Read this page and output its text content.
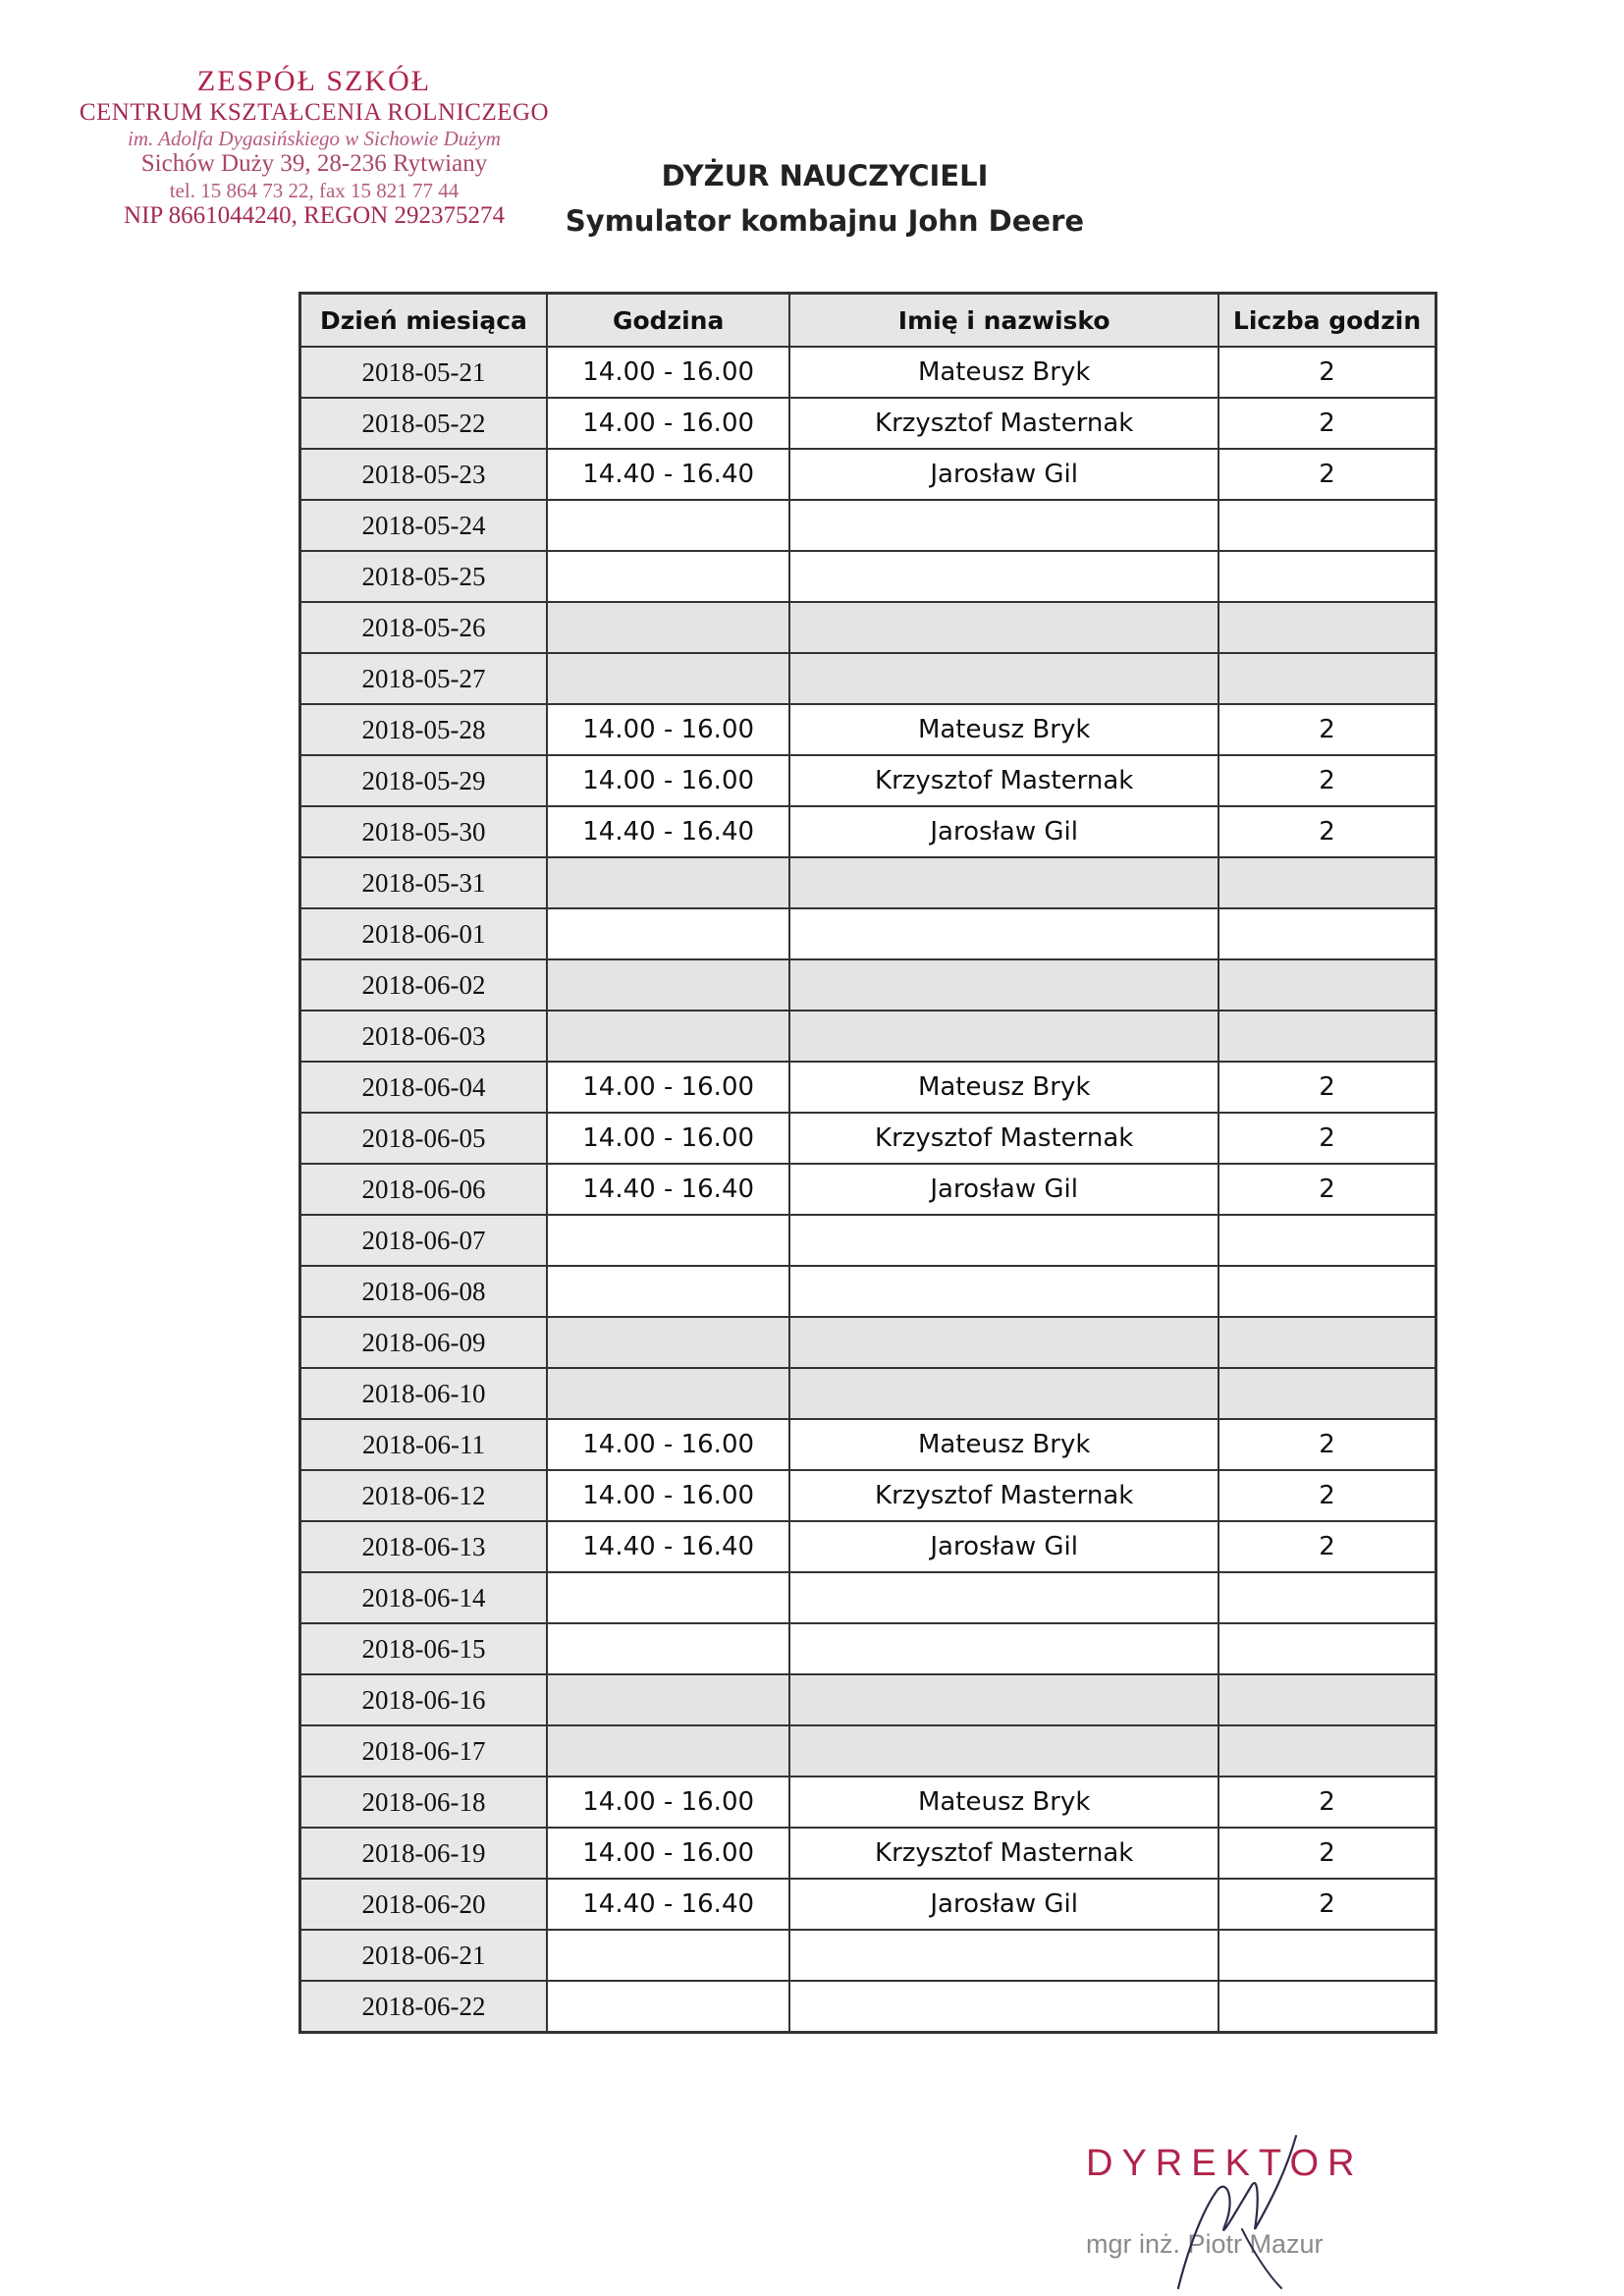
ZESPÓŁ SZKÓŁ
CENTRUM KSZTAŁCENIA ROLNICZEGO
im. Adolfa Dygasińskiego w Sichowie Dużym
Sichów Duży 39, 28-236 Rytwiany
tel. 15 864 73 22, fax 15 821 77 44
NIP 8661044240, REGON 292375274
DYŻUR NAUCZYCIELI
Symulator kombajnu John Deere
Dzień miesiąca	Godzina	Imię i nazwisko	Liczba godzin
2018-05-21	14.00 - 16.00	Mateusz Bryk	2
2018-05-22	14.00 - 16.00	Krzysztof Masternak	2
2018-05-23	14.40 - 16.40	Jarosław Gil	2
2018-05-24			
2018-05-25			
2018-05-26			
2018-05-27			
2018-05-28	14.00 - 16.00	Mateusz Bryk	2
2018-05-29	14.00 - 16.00	Krzysztof Masternak	2
2018-05-30	14.40 - 16.40	Jarosław Gil	2
2018-05-31			
2018-06-01			
2018-06-02			
2018-06-03			
2018-06-04	14.00 - 16.00	Mateusz Bryk	2
2018-06-05	14.00 - 16.00	Krzysztof Masternak	2
2018-06-06	14.40 - 16.40	Jarosław Gil	2
2018-06-07			
2018-06-08			
2018-06-09			
2018-06-10			
2018-06-11	14.00 - 16.00	Mateusz Bryk	2
2018-06-12	14.00 - 16.00	Krzysztof Masternak	2
2018-06-13	14.40 - 16.40	Jarosław Gil	2
2018-06-14			
2018-06-15			
2018-06-16			
2018-06-17			
2018-06-18	14.00 - 16.00	Mateusz Bryk	2
2018-06-19	14.00 - 16.00	Krzysztof Masternak	2
2018-06-20	14.40 - 16.40	Jarosław Gil	2
2018-06-21			
2018-06-22			
DYREKTOR
mgr inż. Piotr Mazur
